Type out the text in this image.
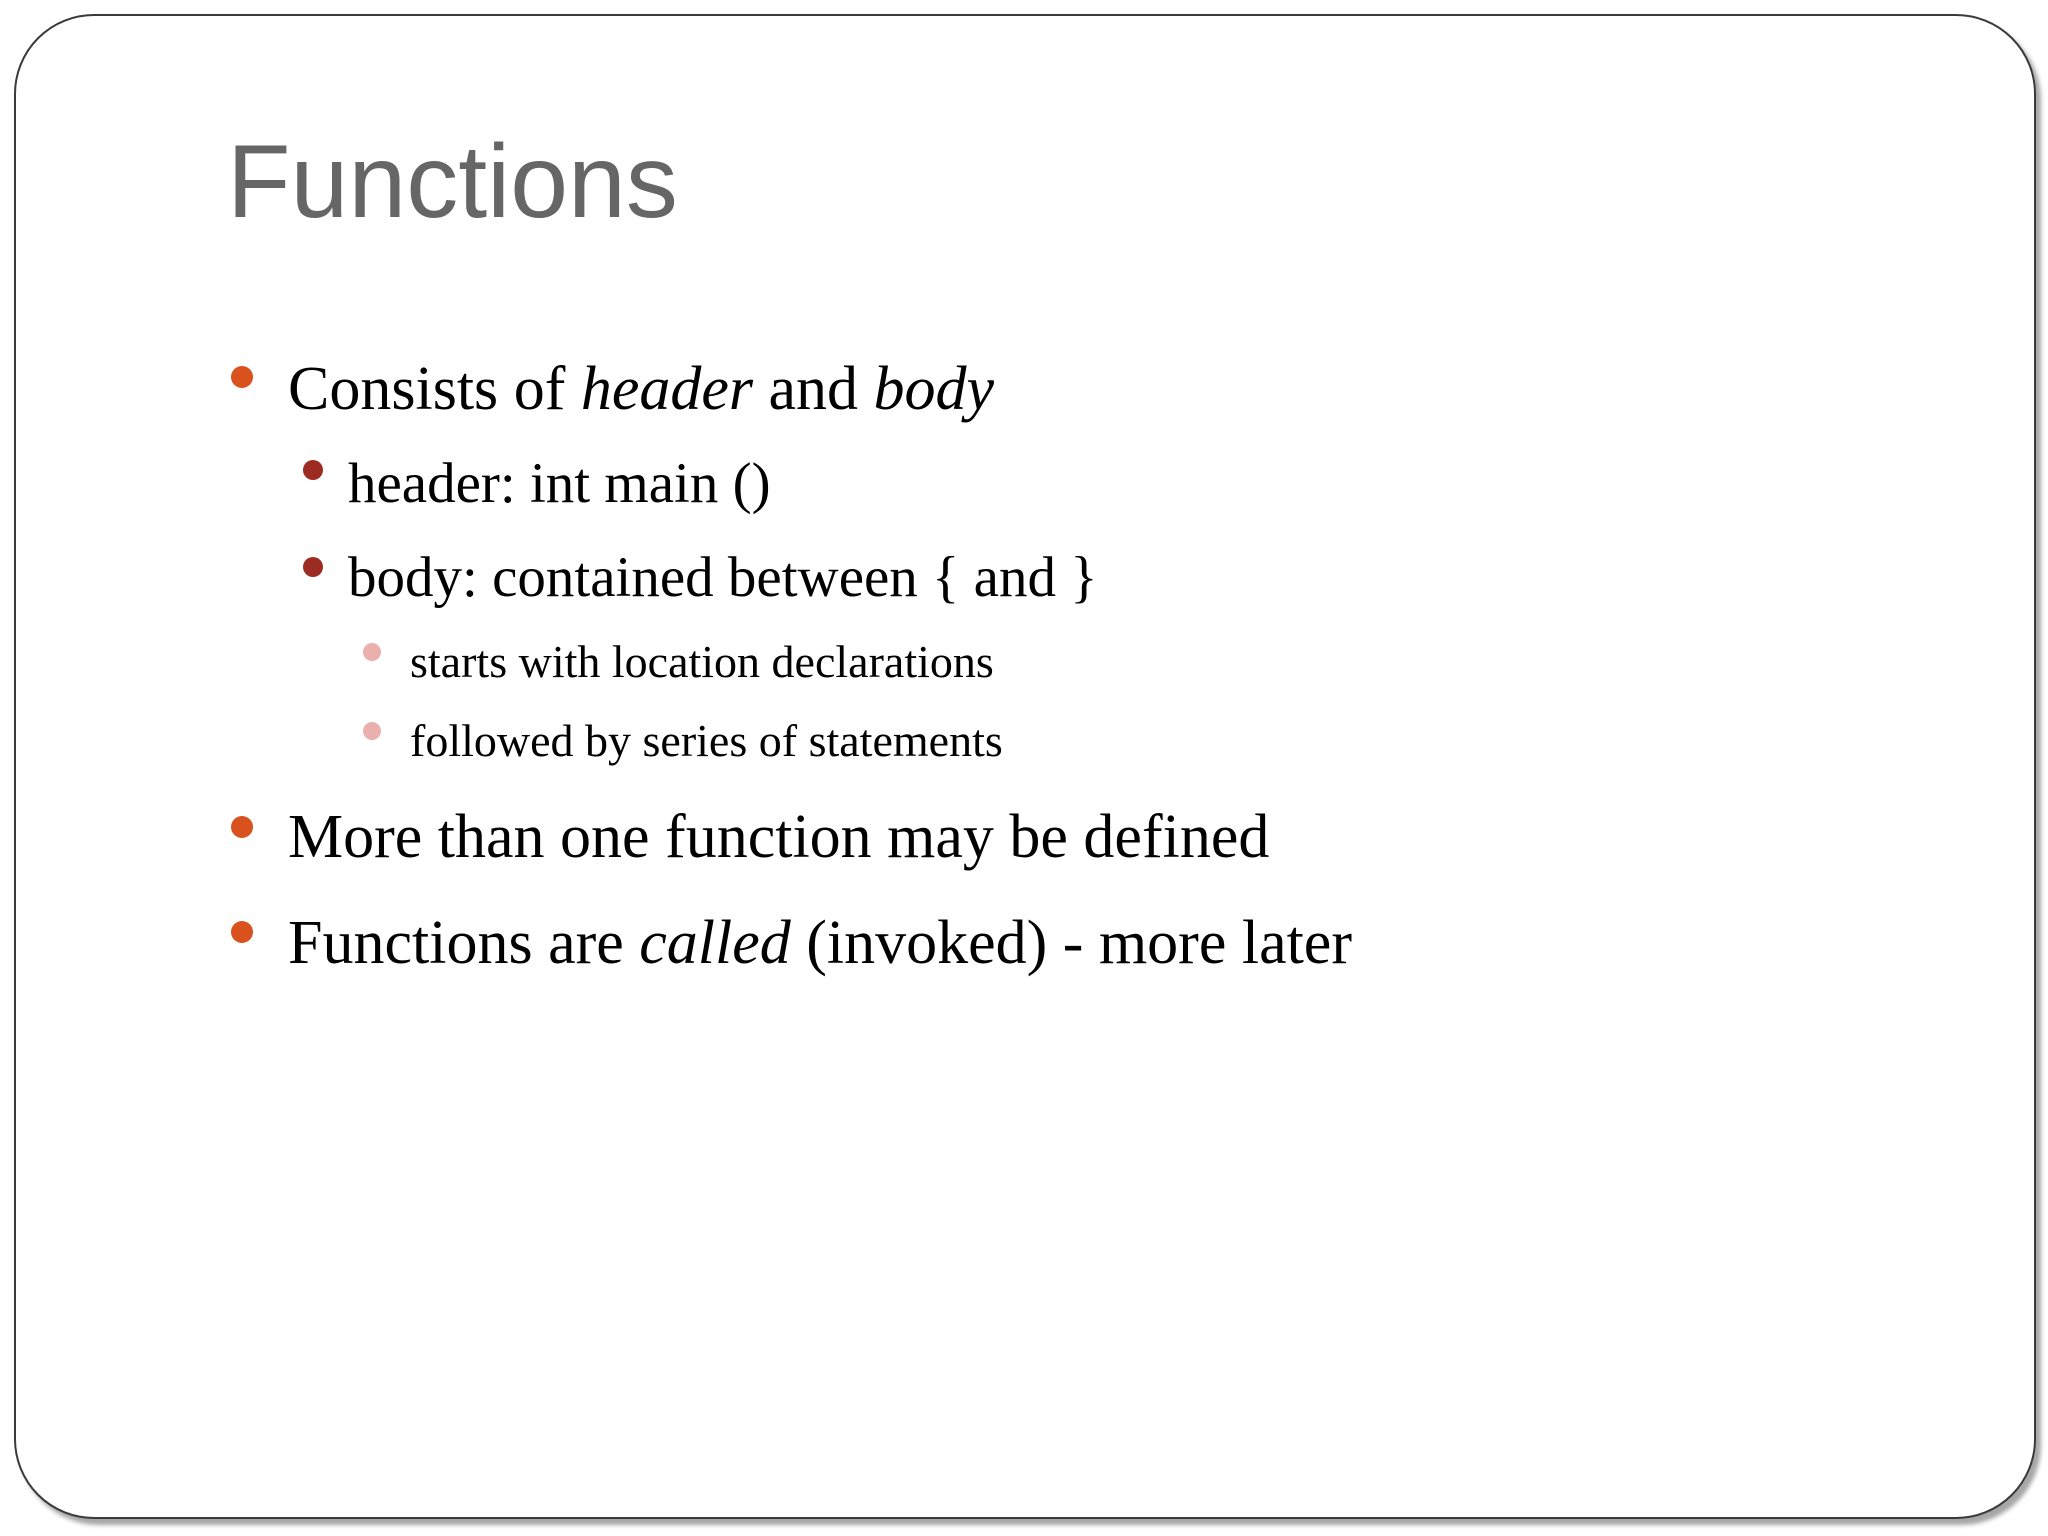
Functions
Consists of header and body
header: int main ()
body: contained between { and }
starts with location declarations
followed by series of statements
More than one function may be defined
Functions are called (invoked) - more later
